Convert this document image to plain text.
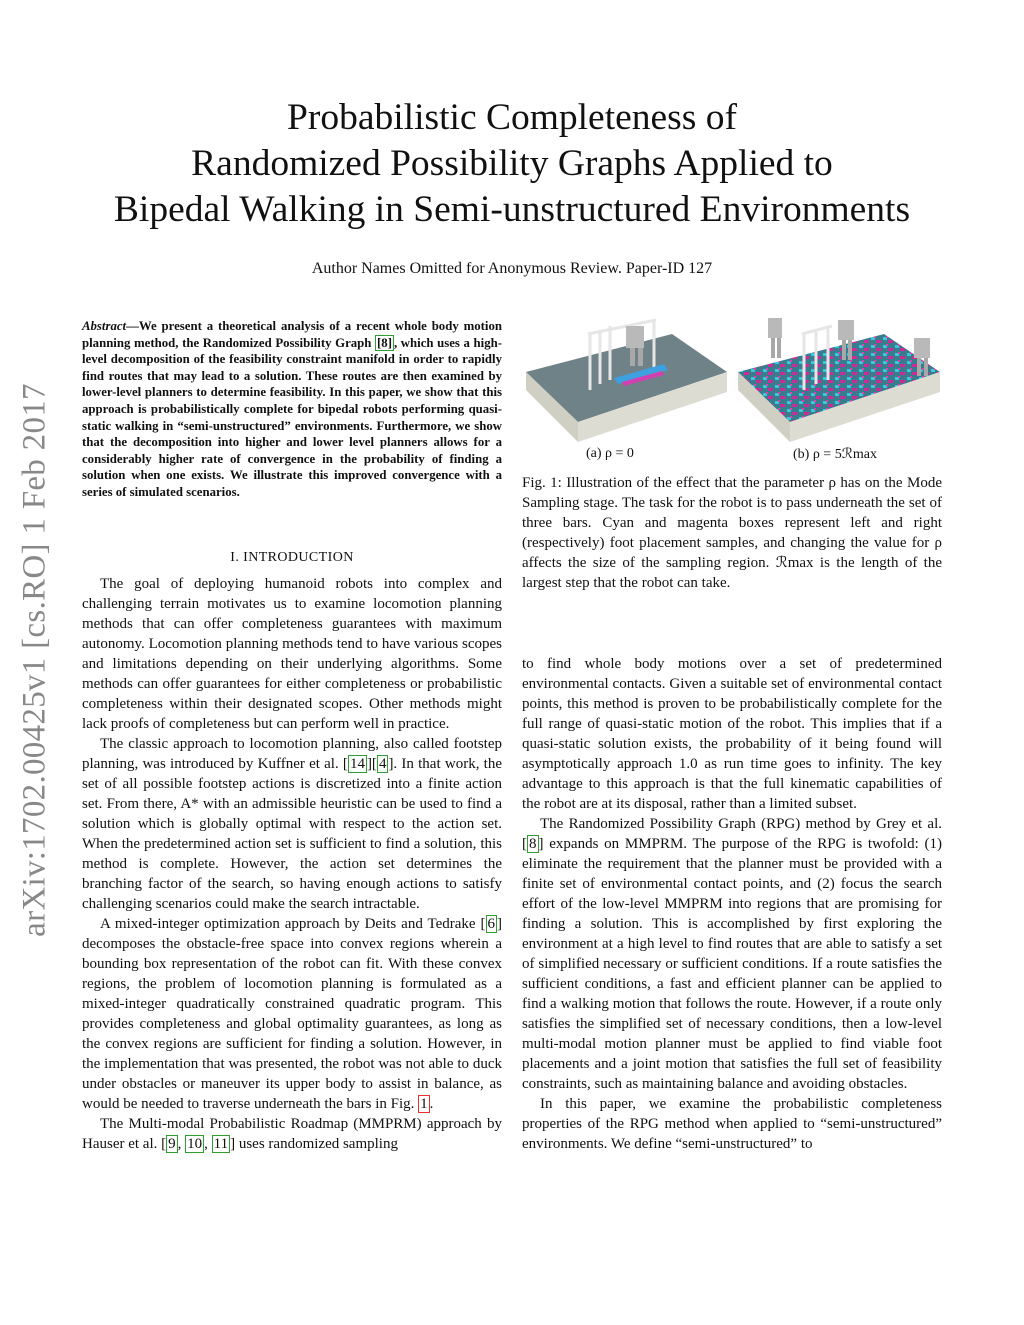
arXiv:1702.00425v1 [cs.RO] 1 Feb 2017
Probabilistic Completeness of
Randomized Possibility Graphs Applied to
Bipedal Walking in Semi-unstructured Environments
Author Names Omitted for Anonymous Review. Paper-ID 127
Abstract—We present a theoretical analysis of a recent whole body motion planning method, the Randomized Possibility Graph [8] , which uses a high-level decomposition of the feasibility constraint manifold in order to rapidly find routes that may lead to a solution. These routes are then examined by lower-level planners to determine feasibility. In this paper, we show that this approach is probabilistically complete for bipedal robots performing quasi-static walking in “semi-unstructured” environments. Furthermore, we show that the decomposition into higher and lower level planners allows for a considerably higher rate of convergence in the probability of finding a solution when one exists. We illustrate this improved convergence with a series of simulated scenarios.
I. INTRODUCTION

The goal of deploying humanoid robots into complex and challenging terrain motivates us to examine locomotion planning methods that can offer completeness guarantees with maximum autonomy. Locomotion planning methods tend to have various scopes and limitations depending on their underlying algorithms. Some methods can offer guarantees for either completeness or probabilistic completeness within their designated scopes. Other methods might lack proofs of completeness but can perform well in practice.

The classic approach to locomotion planning, also called footstep planning, was introduced by Kuffner et al. [ 14 ][ 4 ]. In that work, the set of all possible footstep actions is discretized into a finite action set. From there, A* with an admissible heuristic can be used to find a solution which is globally optimal with respect to the action set. When the predetermined action set is sufficient to find a solution, this method is complete. However, the action set determines the branching factor of the search, so having enough actions to satisfy challenging scenarios could make the search intractable.

A mixed-integer optimization approach by Deits and Tedrake [ 6 ] decomposes the obstacle-free space into convex regions wherein a bounding box representation of the robot can fit. With these convex regions, the problem of locomotion planning is formulated as a mixed-integer quadratically constrained quadratic program. This provides completeness and global optimality guarantees, as long as the convex regions are sufficient for finding a solution. However, in the implementation that was presented, the robot was not able to duck under obstacles or maneuver its upper body to assist in balance, as would be needed to traverse underneath the bars in Fig. 1 .

The Multi-modal Probabilistic Roadmap (MMPRM) approach by Hauser et al. [ 9 , 10 , 11 ] uses randomized sampling

(a) ρ = 0	(b) ρ = 5ℛmax
Fig. 1: Illustration of the effect that the parameter ρ has on the Mode Sampling stage. The task for the robot is to pass underneath the set of three bars. Cyan and magenta boxes represent left and right (respectively) foot placement samples, and changing the value for ρ affects the size of the sampling region. ℛmax is the length of the largest step that the robot can take.

to find whole body motions over a set of predetermined environmental contacts. Given a suitable set of environmental contact points, this method is proven to be probabilistically complete for the full range of quasi-static motion of the robot. This implies that if a quasi-static solution exists, the probability of it being found will asymptotically approach 1.0 as run time goes to infinity. The key advantage to this approach is that the full kinematic capabilities of the robot are at its disposal, rather than a limited subset.

The Randomized Possibility Graph (RPG) method by Grey et al. [ 8 ] expands on MMPRM. The purpose of the RPG is twofold: (1) eliminate the requirement that the planner must be provided with a finite set of environmental contact points, and (2) focus the search effort of the low-level MMPRM into regions that are promising for finding a solution. This is accomplished by first exploring the environment at a high level to find routes that are able to satisfy a set of simplified necessary or sufficient conditions. If a route satisfies the sufficient conditions, a fast and efficient planner can be applied to find a walking motion that follows the route. However, if a route only satisfies the simplified set of necessary conditions, then a low-level multi-modal motion planner must be applied to find viable foot placements and a joint motion that satisfies the full set of feasibility constraints, such as maintaining balance and avoiding obstacles.

In this paper, we examine the probabilistic completeness properties of the RPG method when applied to “semi-unstructured” environments. We define “semi-unstructured” to
